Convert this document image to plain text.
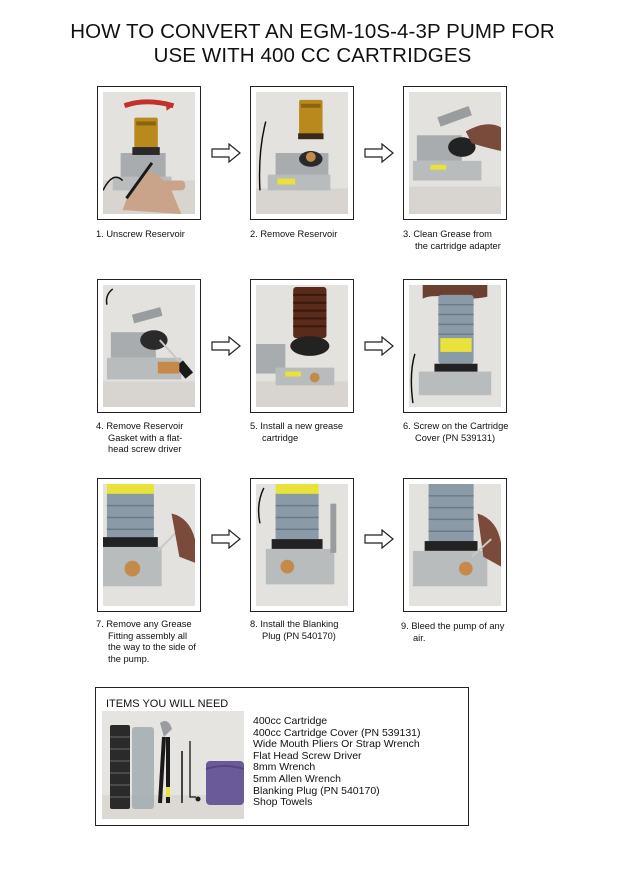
HOW TO CONVERT AN EGM-10S-4-3P PUMP FOR
USE WITH 400 CC CARTRIDGES
1. Unscrew Reservoir	2. Remove Reservoir	3. Clean Grease from
the cartridge adapter
4. Remove Reservoir
Gasket with a flat-
head screw driver
5. Install a new grease
cartridge
6. Screw on the Cartridge
Cover (PN 539131)
7. Remove any Grease
Fitting assembly all
the way to the side of
the pump.
8. Install the Blanking
Plug (PN 540170)
9. Bleed the pump of any
air.
ITEMS YOU WILL NEED
400cc Cartridge
400cc Cartridge Cover (PN 539131)
Wide Mouth Pliers Or Strap Wrench
Flat Head Screw Driver
8mm Wrench
5mm Allen Wrench
Blanking Plug (PN 540170)
Shop Towels
